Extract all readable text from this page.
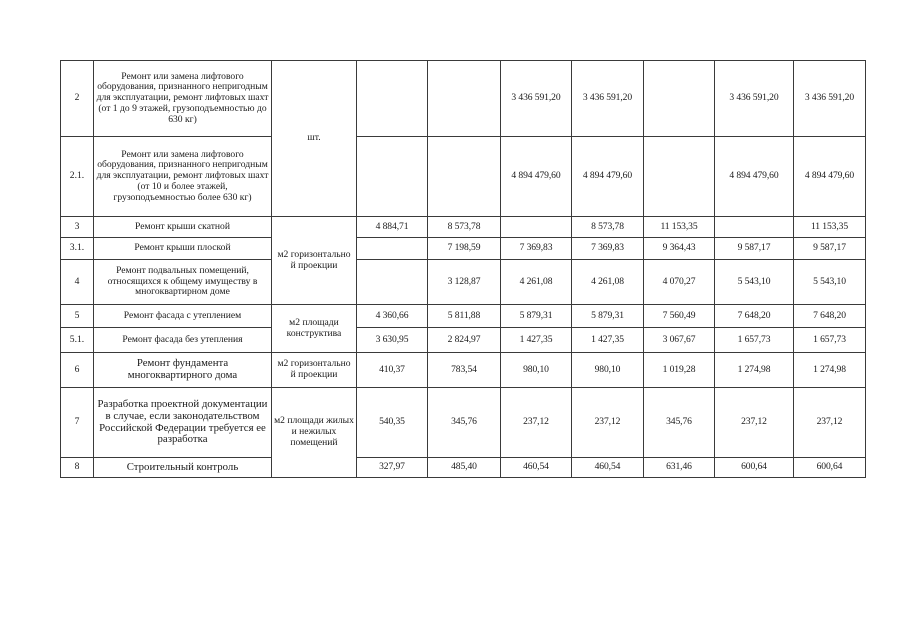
2	Ремонт или замена лифтового оборудования, признанного непригодным для эксплуатации, ремонт лифтовых шахт (от 1 до 9 этажей, грузоподъемностью до 630 кг)	шт.			3 436 591,20	3 436 591,20		3 436 591,20	3 436 591,20
2.1.	Ремонт или замена лифтового оборудования, признанного непригодным для эксплуатации, ремонт лифтовых шахт (от 10 и более этажей, грузоподъемностью более 630 кг)				4 894 479,60	4 894 479,60		4 894 479,60	4 894 479,60
3	Ремонт крыши скатной	м2 горизонтально й проекции	4 884,71	8 573,78		8 573,78	11 153,35		11 153,35
3.1.	Ремонт крыши плоской			7 198,59	7 369,83	7 369,83	9 364,43	9 587,17	9 587,17
4	Ремонт подвальных помещений, относящихся к общему имуществу в многоквартирном доме			3 128,87	4 261,08	4 261,08	4 070,27	5 543,10	5 543,10
5	Ремонт фасада с утеплением	м2 площади конструктива	4 360,66	5 811,88	5 879,31	5 879,31	7 560,49	7 648,20	7 648,20
5.1.	Ремонт фасада без утепления		3 630,95	2 824,97	1 427,35	1 427,35	3 067,67	1 657,73	1 657,73
6	Ремонт фундамента многоквартирного дома	м2 горизонтально й проекции	410,37	783,54	980,10	980,10	1 019,28	1 274,98	1 274,98
7	Разработка проектной документации в случае, если законодательством Российской Федерации требуется ее разработка	м2 площади жилых и нежилых помещений	540,35	345,76	237,12	237,12	345,76	237,12	237,12
8	Строительный контроль		327,97	485,40	460,54	460,54	631,46	600,64	600,64
